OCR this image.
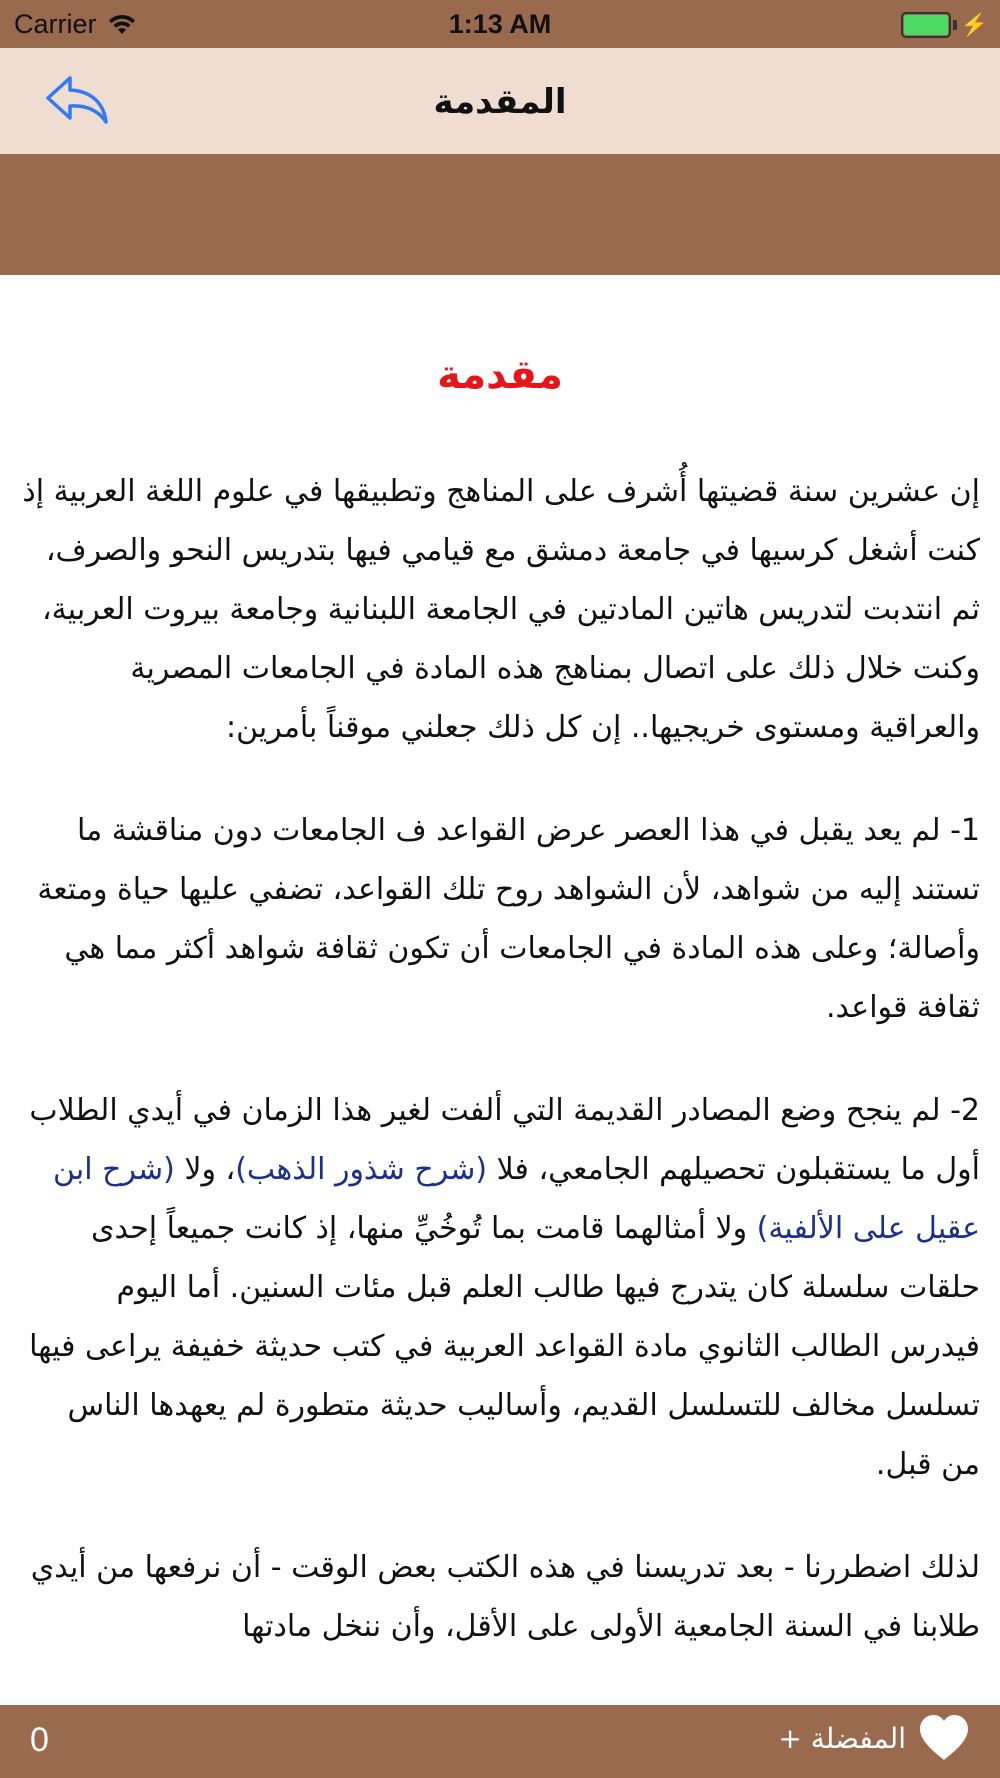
Carrier	1:13 AM	⚡
المقدمة
مقدمة

إن عشرين سنة قضيتها أُشرف على المناهج وتطبيقها في علوم اللغة العربية إذ كنت أشغل كرسيها في جامعة دمشق مع قيامي فيها بتدريس النحو والصرف، ثم انتدبت لتدريس هاتين المادتين في الجامعة اللبنانية وجامعة بيروت العربية، وكنت خلال ذلك على اتصال بمناهج هذه المادة في الجامعات المصرية والعراقية ومستوى خريجيها.. إن كل ذلك جعلني موقناً بأمرين:

1- لم يعد يقبل في هذا العصر عرض القواعد ف الجامعات دون مناقشة ما تستند إليه من شواهد، لأن الشواهد روح تلك القواعد، تضفي عليها حياة ومتعة وأصالة؛ وعلى هذه المادة في الجامعات أن تكون ثقافة شواهد أكثر مما هي ثقافة قواعد.

2- لم ينجح وضع المصادر القديمة التي ألفت لغير هذا الزمان في أيدي الطلاب أول ما يستقبلون تحصيلهم الجامعي، فلا (شرح شذور الذهب)، ولا (شرح ابن عقيل على الألفية) ولا أمثالهما قامت بما تُوخُيِّ منها، إذ كانت جميعاً إحدى حلقات سلسلة كان يتدرج فيها طالب العلم قبل مئات السنين. أما اليوم فيدرس الطالب الثانوي مادة القواعد العربية في كتب حديثة خفيفة يراعى فيها تسلسل مخالف للتسلسل القديم، وأساليب حديثة متطورة لم يعهدها الناس من قبل.

لذلك اضطررنا - بعد تدريسنا في هذه الكتب بعض الوقت - أن نرفعها من أيدي طلابنا في السنة الجامعية الأولى على الأقل، وأن ننخل مادتها

0	+ المفضلة
